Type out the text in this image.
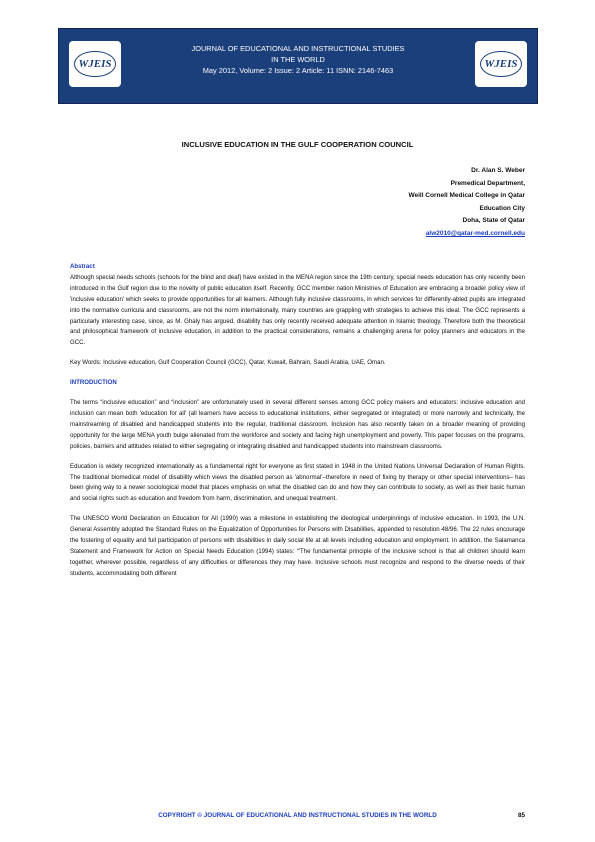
WJEIS
JOURNAL OF EDUCATIONAL AND INSTRUCTIONAL STUDIES
IN THE WORLD
May 2012, Volume: 2 Issue: 2 Article: 11 ISNN: 2146-7463
WJEIS
INCLUSIVE EDUCATION IN THE GULF COOPERATION COUNCIL
Dr. Alan S. Weber
Premedical Department,
Weill Cornell Medical College in Qatar
Education City
Doha, State of Qatar
alw2010@qatar-med.cornell.edu
Abstract

Although special needs schools (schools for the blind and deaf) have existed in the MENA region since the 19th century, special needs education has only recently been introduced in the Gulf region due to the novelty of public education itself. Recently, GCC member nation Ministries of Education are embracing a broader policy view of 'inclusive education' which seeks to provide opportunities for all learners. Although fully inclusive classrooms, in which services for differently-abled pupils are integrated into the normative curricula and classrooms, are not the norm internationally, many countries are grappling with strategies to achieve this ideal. The GCC represents a particularly interesting case, since, as M. Ghaly has argued, disability has only recently received adequate attention in Islamic theology. Therefore both the theoretical and philosophical framework of inclusive education, in addition to the practical considerations, remains a challenging arena for policy planners and educators in the GCC.

Key Words: Inclusive education, Gulf Cooperation Council (GCC), Qatar, Kuwait, Bahrain, Saudi Arabia, UAE, Oman.

INTRODUCTION

The terms “inclusive education” and “inclusion” are unfortunately used in several different senses among GCC policy makers and educators: inclusive education and inclusion can mean both 'education for all' (all learners have access to educational institutions, either segregated or integrated) or more narrowly and technically, the mainstreaming of disabled and handicapped students into the regular, traditional classroom. Inclusion has also recently taken on a broader meaning of providing opportunity for the large MENA youth bulge alienated from the workforce and society and facing high unemployment and poverty. This paper focuses on the programs, policies, barriers and attitudes related to either segregating or integrating disabled and handicapped students into mainstream classrooms.

Education is widely recognized internationally as a fundamental right for everyone as first stated in 1948 in the United Nations Universal Declaration of Human Rights. The traditional biomedical model of disability which views the disabled person as 'abnormal'–therefore in need of fixing by therapy or other special interventions– has been giving way to a newer sociological model that places emphasis on what the disabled can do and how they can contribute to society, as well as their basic human and social rights such as education and freedom from harm, discrimination, and unequal treatment.

The UNESCO World Declaration on Education for All (1990) was a milestone in establishing the ideological underpinnings of inclusive education. In 1993, the U.N. General Assembly adopted the Standard Rules on the Equalization of Opportunities for Persons with Disabilities, appended to resolution 48/96. The 22 rules encourage the fostering of equality and full participation of persons with disabilities in daily social life at all levels including education and employment. In addition, the Salamanca Statement and Framework for Action on Special Needs Education (1994) states: “'The fundamental principle of the inclusive school is that all children should learn together, wherever possible, regardless of any difficulties or differences they may have. Inclusive schools must recognize and respond to the diverse needs of their students, accommodating both different

COPYRIGHT © JOURNAL OF EDUCATIONAL AND INSTRUCTIONAL STUDIES IN THE WORLD	85
